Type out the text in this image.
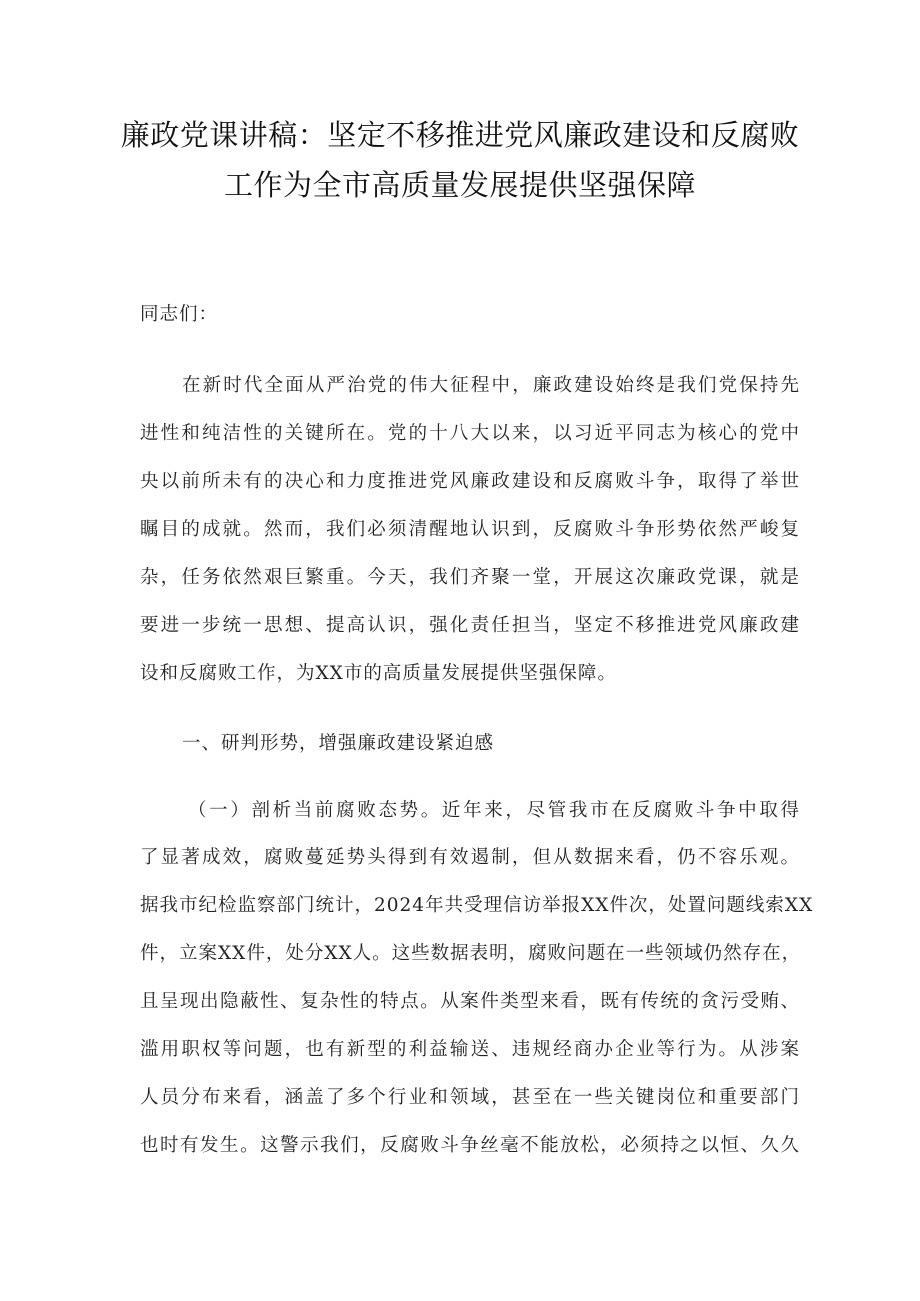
廉政党课讲稿：坚定不移推进党风廉政建设和反腐败
工作为全市高质量发展提供坚强保障
同志们：
在新时代全面从严治党的伟大征程中，廉政建设始终是我们党保持先
进性和纯洁性的关键所在。党的十八大以来，以习近平同志为核心的党中
央以前所未有的决心和力度推进党风廉政建设和反腐败斗争，取得了举世
瞩目的成就。然而，我们必须清醒地认识到，反腐败斗争形势依然严峻复
杂，任务依然艰巨繁重。今天，我们齐聚一堂，开展这次廉政党课，就是
要进一步统一思想、提高认识，强化责任担当，坚定不移推进党风廉政建
设和反腐败工作，为XX市的高质量发展提供坚强保障。
一、研判形势，增强廉政建设紧迫感
（一）剖析当前腐败态势。近年来，尽管我市在反腐败斗争中取得
了显著成效，腐败蔓延势头得到有效遏制，但从数据来看，仍不容乐观。
据我市纪检监察部门统计，2024年共受理信访举报XX件次，处置问题线索XX
件，立案XX件，处分XX人。这些数据表明，腐败问题在一些领域仍然存在，
且呈现出隐蔽性、复杂性的特点。从案件类型来看，既有传统的贪污受贿、
滥用职权等问题，也有新型的利益输送、违规经商办企业等行为。从涉案
人员分布来看，涵盖了多个行业和领域，甚至在一些关键岗位和重要部门
也时有发生。这警示我们，反腐败斗争丝毫不能放松，必须持之以恒、久久
